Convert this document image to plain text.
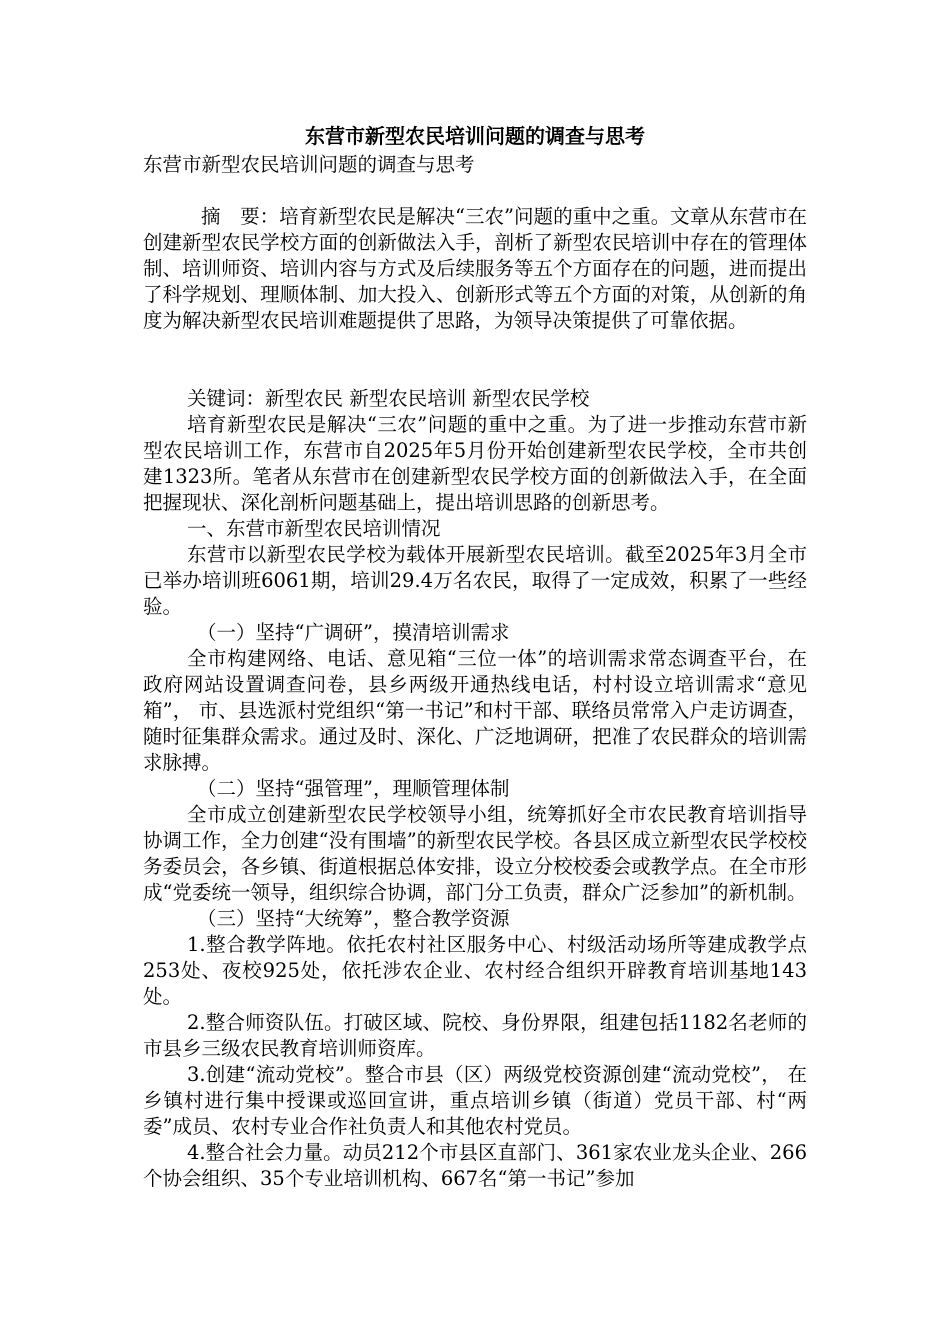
东营市新型农民培训问题的调查与思考

东营市新型农民培训问题的调查与思考

摘　要：培育新型农民是解决“三农”问题的重中之重。文章从东营市在创建新型农民学校方面的创新做法入手，剖析了新型农民培训中存在的管理体制、培训师资、培训内容与方式及后续服务等五个方面存在的问题，进而提出了科学规划、理顺体制、加大投入、创新形式等五个方面的对策，从创新的角度为解决新型农民培训难题提供了思路，为领导决策提供了可靠依据。

关键词：新型农民 新型农民培训 新型农民学校

培育新型农民是解决“三农”问题的重中之重。为了进一步推动东营市新型农民培训工作，东营市自2025年5月份开始创建新型农民学校，全市共创建1323所。笔者从东营市在创建新型农民学校方面的创新做法入手，在全面把握现状、深化剖析问题基础上，提出培训思路的创新思考。

一、东营市新型农民培训情况

东营市以新型农民学校为载体开展新型农民培训。截至2025年3月全市已举办培训班6061期，培训29.4万名农民，取得了一定成效，积累了一些经验。

（一）坚持“广调研”，摸清培训需求

全市构建网络、电话、意见箱“三位一体”的培训需求常态调查平台，在政府网站设置调查问卷，县乡两级开通热线电话，村村设立培训需求“意见箱”， 市、县选派村党组织“第一书记”和村干部、联络员常常入户走访调查，随时征集群众需求。通过及时、深化、广泛地调研，把准了农民群众的培训需求脉搏。

（二）坚持“强管理”，理顺管理体制

全市成立创建新型农民学校领导小组，统筹抓好全市农民教育培训指导协调工作，全力创建“没有围墙”的新型农民学校。各县区成立新型农民学校校务委员会，各乡镇、街道根据总体安排，设立分校校委会或教学点。在全市形成“党委统一领导，组织综合协调，部门分工负责，群众广泛参加”的新机制。

（三）坚持“大统筹”，整合教学资源

1.整合教学阵地。依托农村社区服务中心、村级活动场所等建成教学点253处、夜校925处，依托涉农企业、农村经合组织开辟教育培训基地143处。

2.整合师资队伍。打破区域、院校、身份界限，组建包括1182名老师的市县乡三级农民教育培训师资库。

3.创建“流动党校”。整合市县（区）两级党校资源创建“流动党校”， 在乡镇村进行集中授课或巡回宣讲，重点培训乡镇（街道）党员干部、村“两委”成员、农村专业合作社负责人和其他农村党员。

4.整合社会力量。动员212个市县区直部门、361家农业龙头企业、266个协会组织、35个专业培训机构、667名“第一书记”参加
